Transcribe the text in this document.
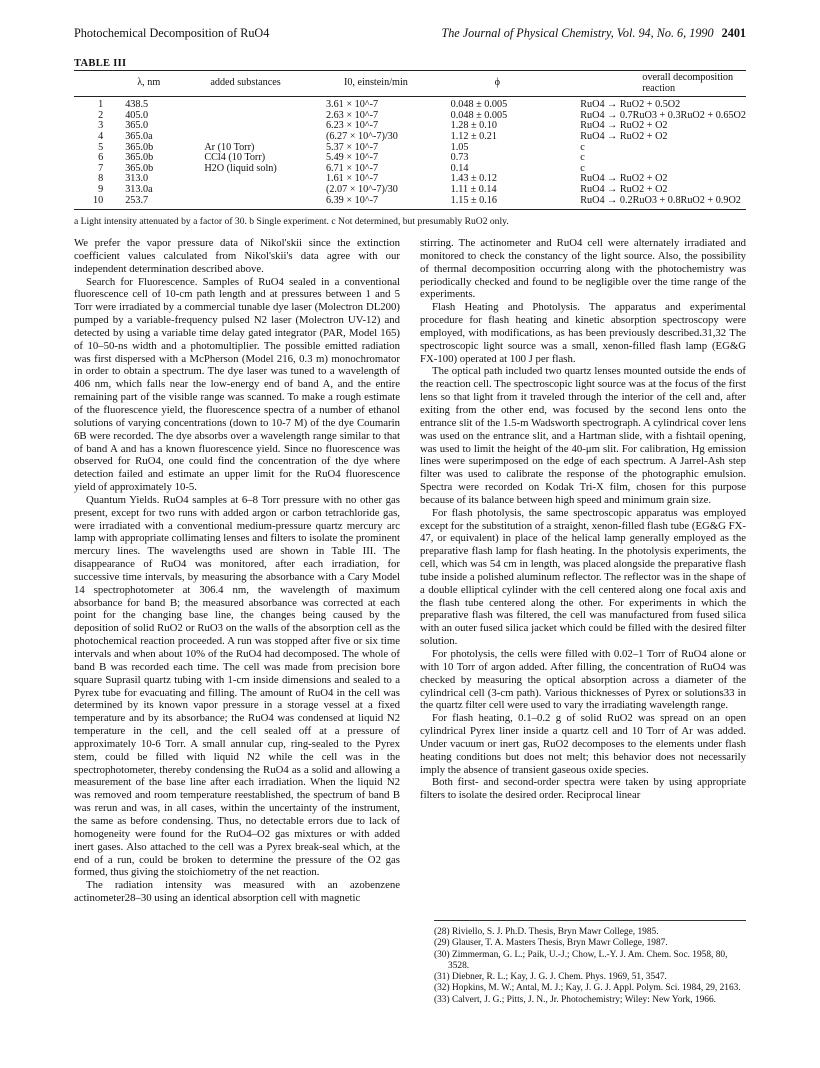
Photochemical Decomposition of RuO4	The Journal of Physical Chemistry, Vol. 94, No. 6, 1990 2401
TABLE III
	λ, nm	added substances	I0, einstein/min	ϕ	overall decomposition reaction
1	438.5		3.61 × 10^-7	0.048 ± 0.005	RuO4 → RuO2 + 0.5O2
2	405.0		2.63 × 10^-7	0.048 ± 0.005	RuO4 → 0.7RuO3 + 0.3RuO2 + 0.65O2
3	365.0		6.23 × 10^-7	1.28 ± 0.10	RuO4 → RuO2 + O2
4	365.0a		(6.27 × 10^-7)/30	1.12 ± 0.21	RuO4 → RuO2 + O2
5	365.0b	Ar (10 Torr)	5.37 × 10^-7	1.05	c
6	365.0b	CCl4 (10 Torr)	5.49 × 10^-7	0.73	c
7	365.0b	H2O (liquid soln)	6.71 × 10^-7	0.14	c
8	313.0		1.61 × 10^-7	1.43 ± 0.12	RuO4 → RuO2 + O2
9	313.0a		(2.07 × 10^-7)/30	1.11 ± 0.14	RuO4 → RuO2 + O2
10	253.7		6.39 × 10^-7	1.15 ± 0.16	RuO4 → 0.2RuO3 + 0.8RuO2 + 0.9O2
a Light intensity attenuated by a factor of 30. b Single experiment. c Not determined, but presumably RuO2 only.

We prefer the vapor pressure data of Nikol'skii since the extinction coefficient values calculated from Nikol'skii's data agree with our independent determination described above.

Search for Fluorescence. Samples of RuO4 sealed in a conventional fluorescence cell of 10-cm path length and at pressures between 1 and 5 Torr were irradiated by a commercial tunable dye laser (Molectron DL200) pumped by a variable-frequency pulsed N2 laser (Molectron UV-12) and detected by using a variable time delay gated integrator (PAR, Model 165) of 10–50-ns width and a photomultiplier. The possible emitted radiation was first dispersed with a McPherson (Model 216, 0.3 m) monochromator in order to obtain a spectrum. The dye laser was tuned to a wavelength of 406 nm, which falls near the low-energy end of band A, and the entire remaining part of the visible range was scanned. To make a rough estimate of the fluorescence yield, the fluorescence spectra of a number of ethanol solutions of varying concentrations (down to 10-7 M) of the dye Coumarin 6B were recorded. The dye absorbs over a wavelength range similar to that of band A and has a known fluorescence yield. Since no fluorescence was observed for RuO4, one could find the concentration of the dye where detection failed and estimate an upper limit for the RuO4 fluorescence yield of approximately 10-5.

Quantum Yields. RuO4 samples at 6–8 Torr pressure with no other gas present, except for two runs with added argon or carbon tetrachloride gas, were irradiated with a conventional medium-pressure quartz mercury arc lamp with appropriate collimating lenses and filters to isolate the prominent mercury lines. The wavelengths used are shown in Table III. The disappearance of RuO4 was monitored, after each irradiation, for successive time intervals, by measuring the absorbance with a Cary Model 14 spectrophotometer at 306.4 nm, the wavelength of maximum absorbance for band B; the measured absorbance was corrected at each point for the changing base line, the changes being caused by the deposition of solid RuO2 or RuO3 on the walls of the absorption cell as the photochemical reaction proceeded. A run was stopped after five or six time intervals and when about 10% of the RuO4 had decomposed. The whole of band B was recorded each time. The cell was made from precision bore square Suprasil quartz tubing with 1-cm inside dimensions and sealed to a Pyrex tube for evacuating and filling. The amount of RuO4 in the cell was determined by its known vapor pressure in a storage vessel at a fixed temperature and by its absorbance; the RuO4 was condensed at liquid N2 temperature in the cell, and the cell sealed off at a pressure of approximately 10-6 Torr. A small annular cup, ring-sealed to the Pyrex stem, could be filled with liquid N2 while the cell was in the spectrophotometer, thereby condensing the RuO4 as a solid and allowing a measurement of the base line after each irradiation. When the liquid N2 was removed and room temperature reestablished, the spectrum of band B was rerun and was, in all cases, within the uncertainty of the instrument, the same as before condensing. Thus, no detectable errors due to lack of homogeneity were found for the RuO4–O2 gas mixtures or with added inert gases. Also attached to the cell was a Pyrex break-seal which, at the end of a run, could be broken to determine the pressure of the O2 gas formed, thus giving the stoichiometry of the net reaction.

The radiation intensity was measured with an azobenzene actinometer28–30 using an identical absorption cell with magnetic

stirring. The actinometer and RuO4 cell were alternately irradiated and monitored to check the constancy of the light source. Also, the possibility of thermal decomposition occurring along with the photochemistry was periodically checked and found to be negligible over the time range of the experiments.

Flash Heating and Photolysis. The apparatus and experimental procedure for flash heating and kinetic absorption spectroscopy were employed, with modifications, as has been previously described.31,32 The spectroscopic light source was a small, xenon-filled flash lamp (EG&G FX-100) operated at 100 J per flash.

The optical path included two quartz lenses mounted outside the ends of the reaction cell. The spectroscopic light source was at the focus of the first lens so that light from it traveled through the interior of the cell and, after exiting from the other end, was focused by the second lens onto the entrance slit of the 1.5-m Wadsworth spectrograph. A cylindrical cover lens was used on the entrance slit, and a Hartman slide, with a fishtail opening, was used to limit the height of the 40-μm slit. For calibration, Hg emission lines were superimposed on the edge of each spectrum. A Jarrel-Ash step filter was used to calibrate the response of the photographic emulsion. Spectra were recorded on Kodak Tri-X film, chosen for this purpose because of its balance between high speed and minimum grain size.

For flash photolysis, the same spectroscopic apparatus was employed except for the substitution of a straight, xenon-filled flash tube (EG&G FX-47, or equivalent) in place of the helical lamp generally employed as the preparative flash lamp for flash heating. In the photolysis experiments, the cell, which was 54 cm in length, was placed alongside the preparative flash tube inside a polished aluminum reflector. The reflector was in the shape of a double elliptical cylinder with the cell centered along one focal axis and the flash tube centered along the other. For experiments in which the preparative flash was filtered, the cell was manufactured from fused silica with an outer fused silica jacket which could be filled with the desired filter solution.

For photolysis, the cells were filled with 0.02–1 Torr of RuO4 alone or with 10 Torr of argon added. After filling, the concentration of RuO4 was checked by measuring the optical absorption across a diameter of the cylindrical cell (3-cm path). Various thicknesses of Pyrex or solutions33 in the quartz filter cell were used to vary the irradiating wavelength range.

For flash heating, 0.1–0.2 g of solid RuO2 was spread on an open cylindrical Pyrex liner inside a quartz cell and 10 Torr of Ar was added. Under vacuum or inert gas, RuO2 decomposes to the elements under flash heating conditions but does not melt; this behavior does not necessarily imply the absence of transient gaseous oxide species.

Both first- and second-order spectra were taken by using appropriate filters to isolate the desired order. Reciprocal linear

(28) Riviello, S. J. Ph.D. Thesis, Bryn Mawr College, 1985.

(29) Glauser, T. A. Masters Thesis, Bryn Mawr College, 1987.

(30) Zimmerman, G. L.; Paik, U.-J.; Chow, L.-Y. J. Am. Chem. Soc. 1958, 80, 3528.

(31) Diebner, R. L.; Kay, J. G. J. Chem. Phys. 1969, 51, 3547.

(32) Hopkins, M. W.; Antal, M. J.; Kay, J. G. J. Appl. Polym. Sci. 1984, 29, 2163.

(33) Calvert, J. G.; Pitts, J. N., Jr. Photochemistry; Wiley: New York, 1966.
